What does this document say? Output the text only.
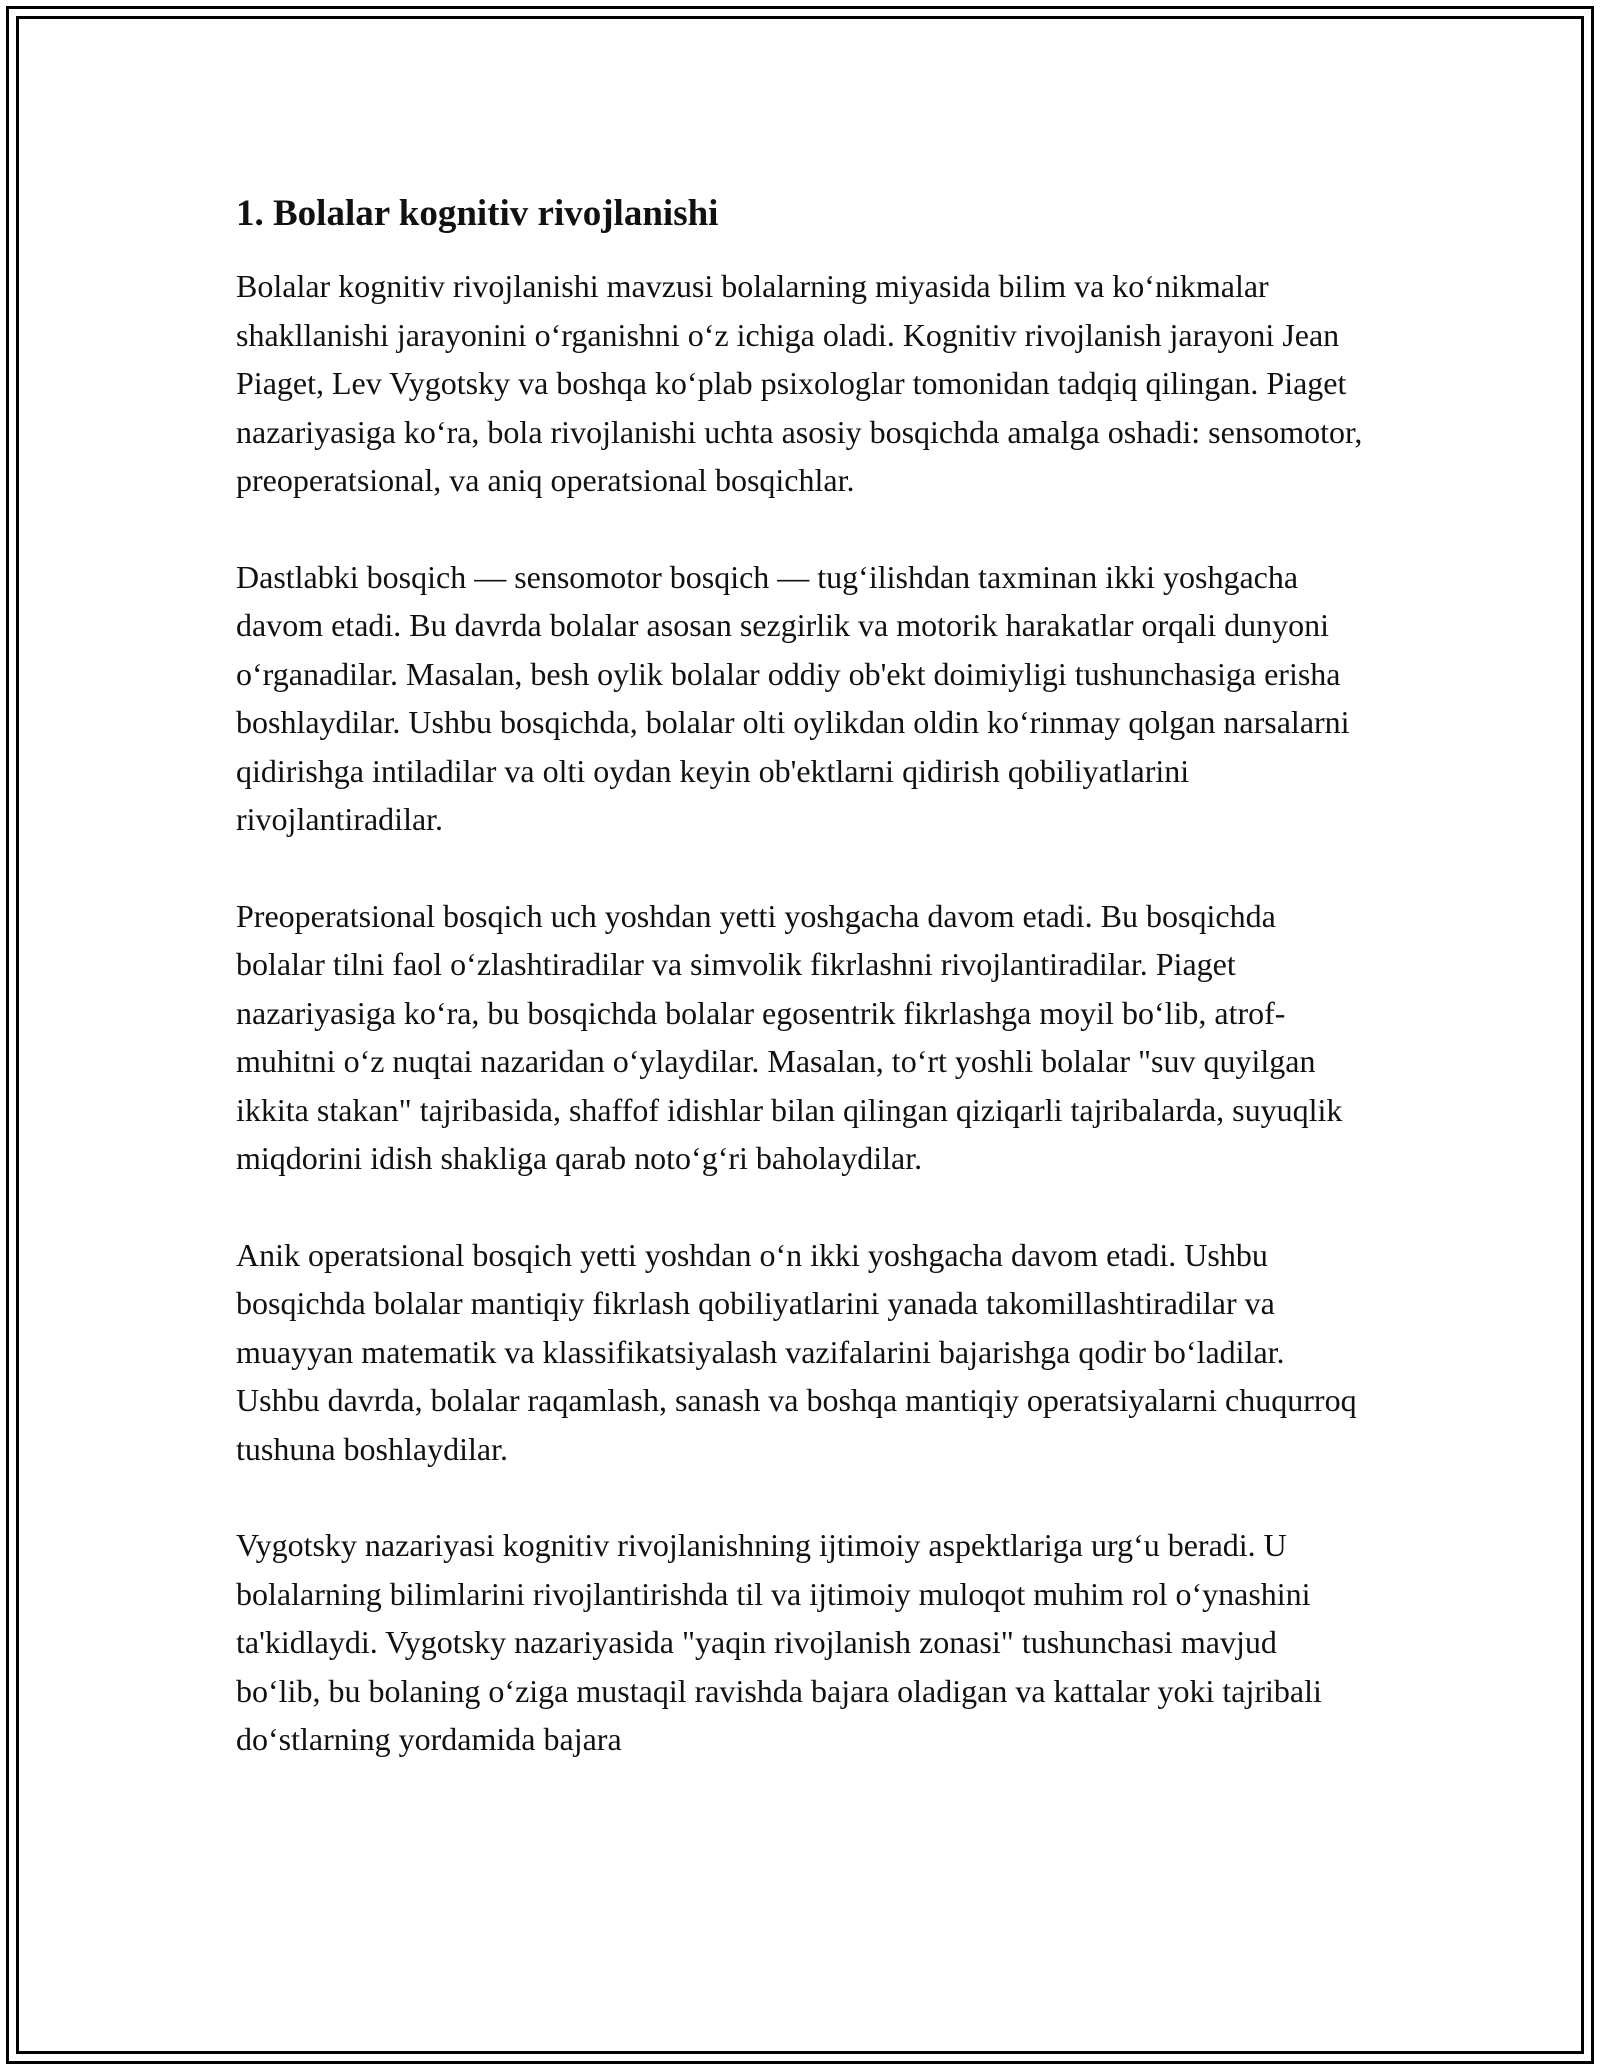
1. Bolalar kognitiv rivojlanishi

Bolalar kognitiv rivojlanishi mavzusi bolalarning miyasida bilim va ko‘nikmalar shakllanishi jarayonini o‘rganishni o‘z ichiga oladi. Kognitiv rivojlanish jarayoni Jean Piaget, Lev Vygotsky va boshqa ko‘plab psixologlar tomonidan tadqiq qilingan. Piaget nazariyasiga ko‘ra, bola rivojlanishi uchta asosiy bosqichda amalga oshadi: sensomotor, preoperatsional, va aniq operatsional bosqichlar.

Dastlabki bosqich — sensomotor bosqich — tug‘ilishdan taxminan ikki yoshgacha davom etadi. Bu davrda bolalar asosan sezgirlik va motorik harakatlar orqali dunyoni o‘rganadilar. Masalan, besh oylik bolalar oddiy ob'ekt doimiyligi tushunchasiga erisha boshlaydilar. Ushbu bosqichda, bolalar olti oylikdan oldin ko‘rinmay qolgan narsalarni qidirishga intiladilar va olti oydan keyin ob'ektlarni qidirish qobiliyatlarini rivojlantiradilar.

Preoperatsional bosqich uch yoshdan yetti yoshgacha davom etadi. Bu bosqichda bolalar tilni faol o‘zlashtiradilar va simvolik fikrlashni rivojlantiradilar. Piaget nazariyasiga ko‘ra, bu bosqichda bolalar egosentrik fikrlashga moyil bo‘lib, atrof-muhitni o‘z nuqtai nazaridan o‘ylaydilar. Masalan, to‘rt yoshli bolalar "suv quyilgan ikkita stakan" tajribasida, shaffof idishlar bilan qilingan qiziqarli tajribalarda, suyuqlik miqdorini idish shakliga qarab noto‘g‘ri baholaydilar.

Anik operatsional bosqich yetti yoshdan o‘n ikki yoshgacha davom etadi. Ushbu bosqichda bolalar mantiqiy fikrlash qobiliyatlarini yanada takomillashtiradilar va muayyan matematik va klassifikatsiyalash vazifalarini bajarishga qodir bo‘ladilar. Ushbu davrda, bolalar raqamlash, sanash va boshqa mantiqiy operatsiyalarni chuqurroq tushuna boshlaydilar.

Vygotsky nazariyasi kognitiv rivojlanishning ijtimoiy aspektlariga urg‘u beradi. U bolalarning bilimlarini rivojlantirishda til va ijtimoiy muloqot muhim rol o‘ynashini ta'kidlaydi. Vygotsky nazariyasida "yaqin rivojlanish zonasi" tushunchasi mavjud bo‘lib, bu bolaning o‘ziga mustaqil ravishda bajara oladigan va kattalar yoki tajribali do‘stlarning yordamida bajara
